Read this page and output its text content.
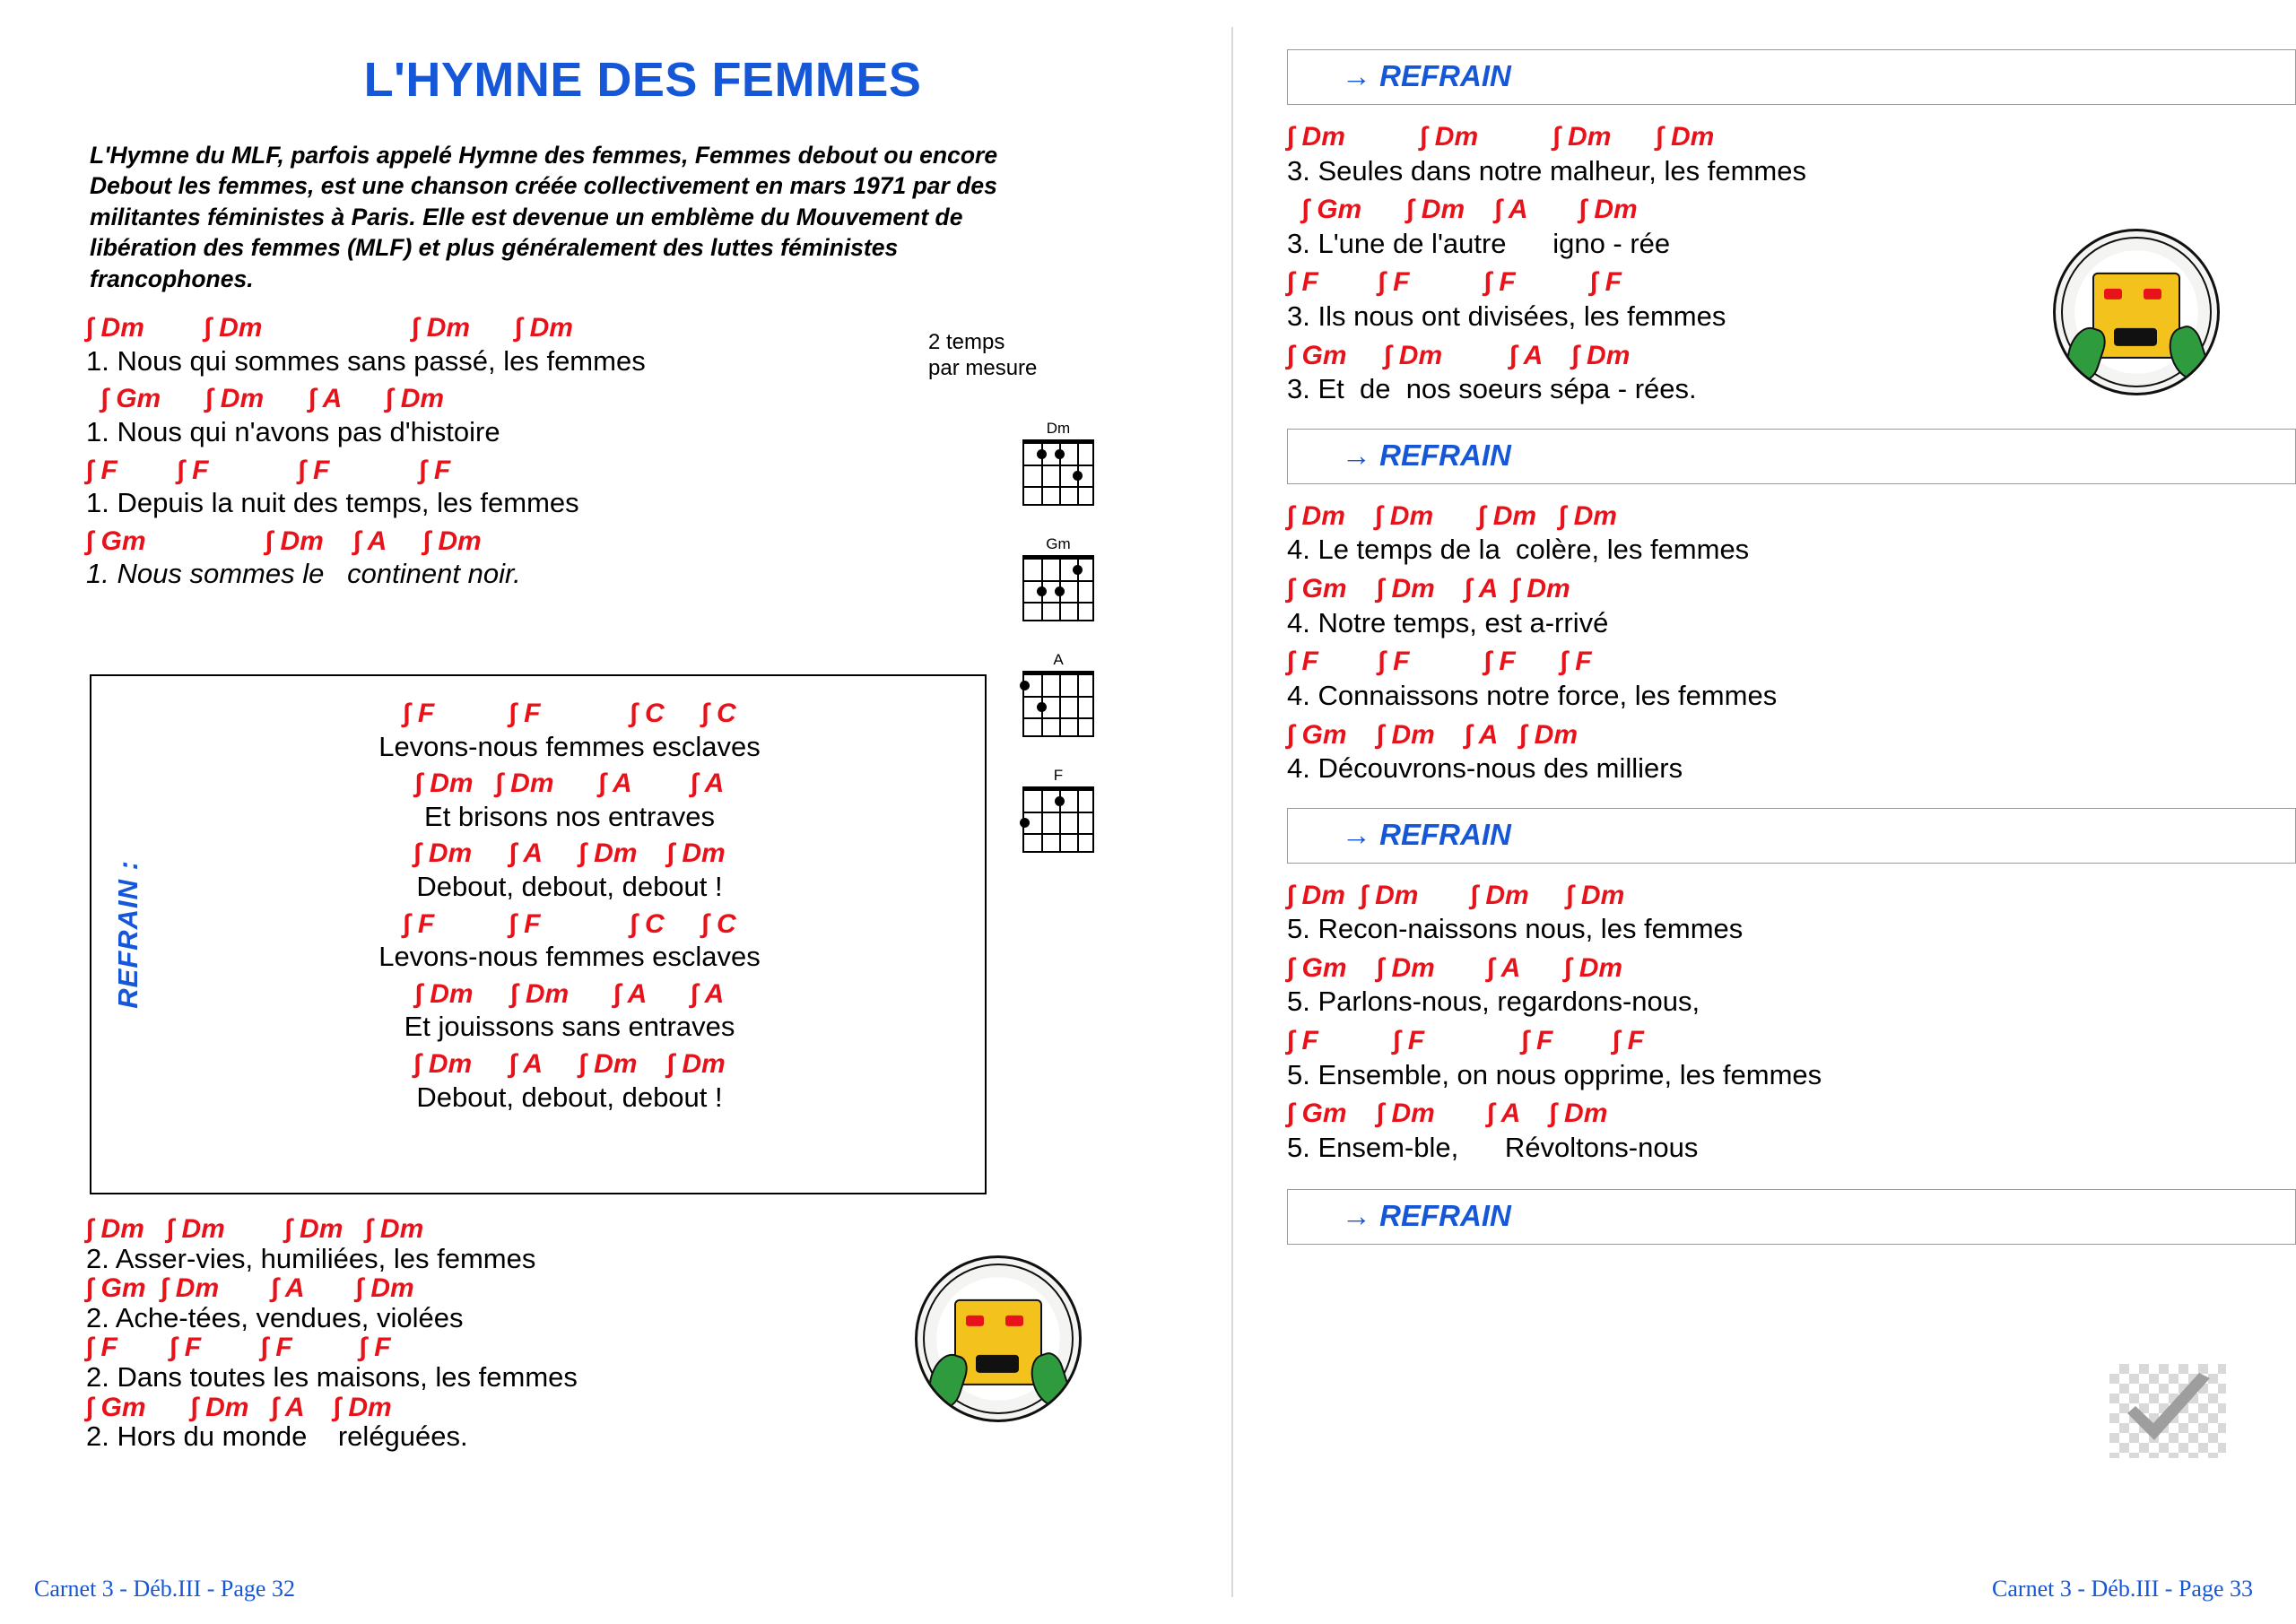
L'HYMNE DES FEMMES

L'Hymne du MLF, parfois appelé Hymne des femmes, Femmes debout ou encore Debout les femmes, est une chanson créée collectivement en mars 1971 par des militantes féministes à Paris. Elle est devenue un emblème du Mouvement de libération des femmes (MLF) et plus généralement des luttes féministes francophones.

2 temps
par mesure
∫ Dm        ∫ Dm                    ∫ Dm      ∫ Dm
1. Nous qui sommes sans passé, les femmes
∫ Gm      ∫ Dm      ∫ A      ∫ Dm
1. Nous qui n'avons pas d'histoire
∫ F        ∫ F            ∫ F            ∫ F
1. Depuis la nuit des temps, les femmes
∫ Gm                ∫ Dm    ∫ A     ∫ Dm
1. Nous sommes le   continent noir.
Dm
Gm
A
F
REFRAIN :
∫ F          ∫ F            ∫ C     ∫ C
Levons-nous femmes esclaves
∫ Dm   ∫ Dm      ∫ A        ∫ A
Et brisons nos entraves
∫ Dm     ∫ A     ∫ Dm    ∫ Dm
Debout, debout, debout !
∫ F          ∫ F            ∫ C     ∫ C
Levons-nous femmes esclaves
∫ Dm     ∫ Dm      ∫ A      ∫ A
Et jouissons sans entraves
∫ Dm     ∫ A     ∫ Dm    ∫ Dm
Debout, debout, debout !
∫ Dm   ∫ Dm        ∫ Dm   ∫ Dm
2. Asser-vies, humiliées, les femmes
∫ Gm  ∫ Dm       ∫ A       ∫ Dm
2. Ache-tées, vendues, violées
∫ F       ∫ F        ∫ F         ∫ F
2. Dans toutes les maisons, les femmes
∫ Gm      ∫ Dm   ∫ A    ∫ Dm
2. Hors du monde    reléguées.
Carnet 3 - Déb.III - Page 32
→ REFRAIN
∫ Dm          ∫ Dm          ∫ Dm      ∫ Dm
3. Seules dans notre malheur, les femmes
∫ Gm      ∫ Dm    ∫ A       ∫ Dm
3. L'une de l'autre      igno - rée
∫ F        ∫ F          ∫ F          ∫ F
3. Ils nous ont divisées, les femmes
∫ Gm     ∫ Dm         ∫ A    ∫ Dm
3. Et  de  nos soeurs sépa - rées.
→ REFRAIN
∫ Dm    ∫ Dm      ∫ Dm   ∫ Dm
4. Le temps de la  colère, les femmes
∫ Gm    ∫ Dm    ∫ A  ∫ Dm
4. Notre temps, est a-rrivé
∫ F        ∫ F          ∫ F      ∫ F
4. Connaissons notre force, les femmes
∫ Gm    ∫ Dm    ∫ A   ∫ Dm
4. Découvrons-nous des milliers
→ REFRAIN
∫ Dm  ∫ Dm       ∫ Dm     ∫ Dm
5. Recon-naissons nous, les femmes
∫ Gm    ∫ Dm       ∫ A      ∫ Dm
5. Parlons-nous, regardons-nous,
∫ F          ∫ F             ∫ F        ∫ F
5. Ensemble, on nous opprime, les femmes
∫ Gm    ∫ Dm       ∫ A    ∫ Dm
5. Ensem-ble,      Révoltons-nous
→ REFRAIN
Carnet 3 - Déb.III - Page 33
